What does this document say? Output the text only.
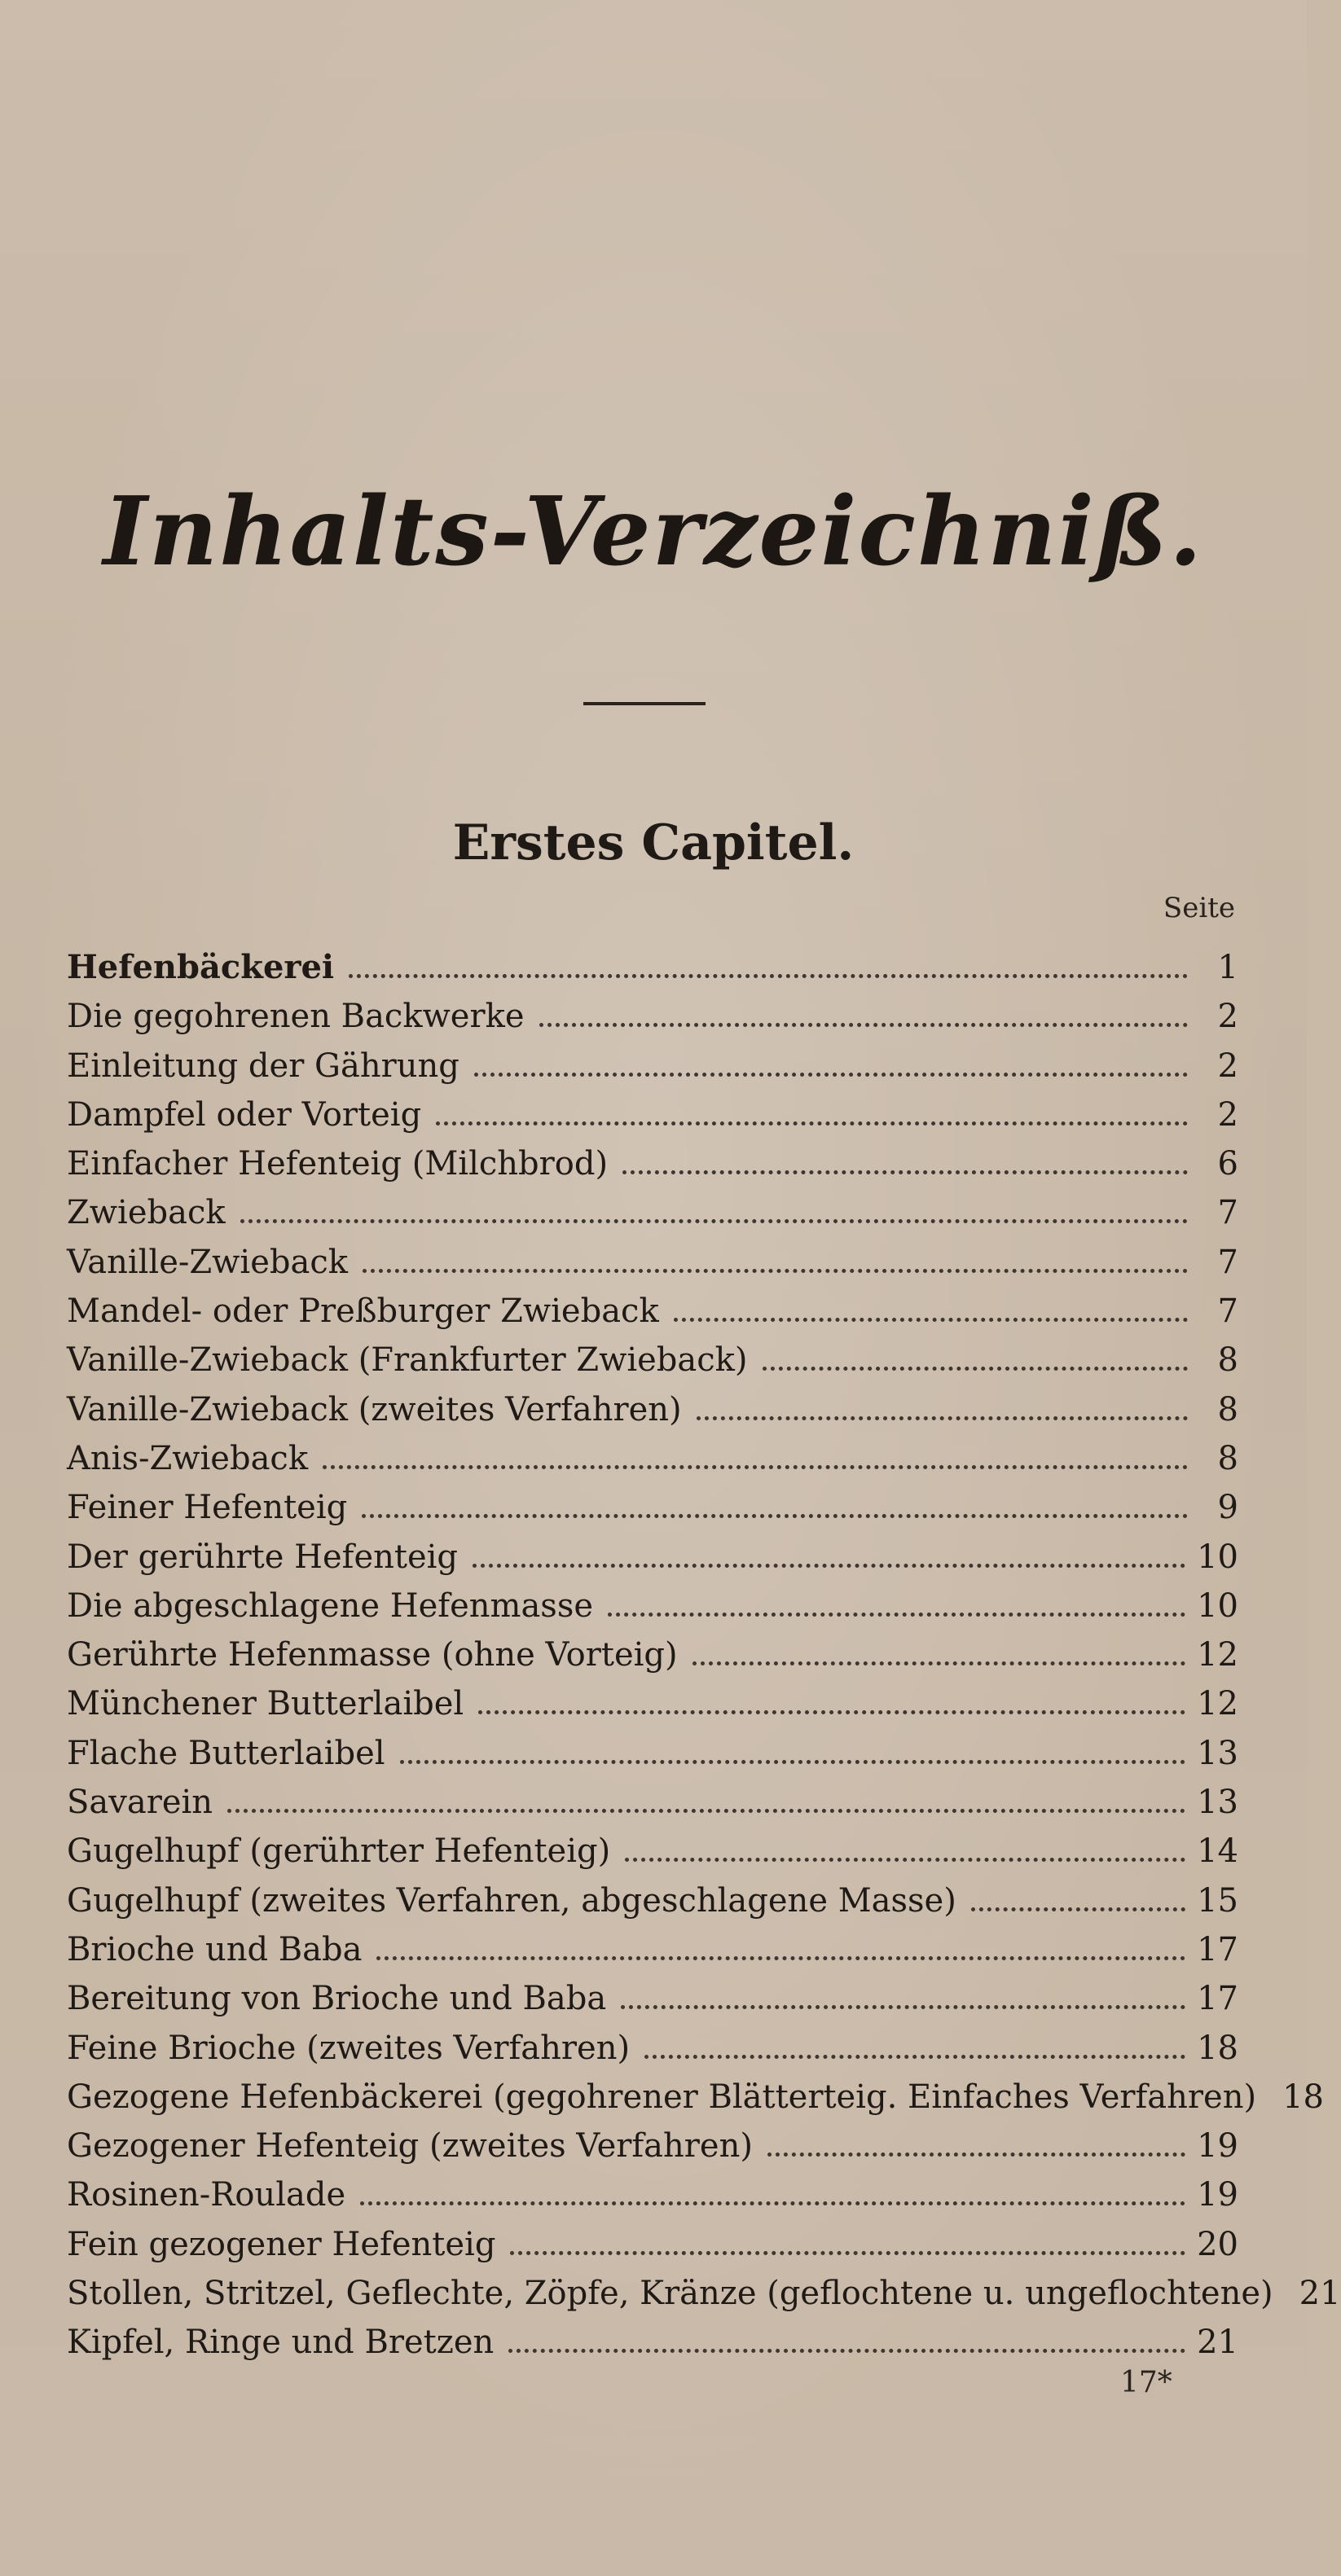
Inhalts-Verzeichniß.
Erstes Capitel.
Seite
Hefenbäckerei	1
Die gegohrenen Backwerke	2
Einleitung der Gährung	2
Dampfel oder Vorteig	2
Einfacher Hefenteig (Milchbrod)	6
Zwieback	7
Vanille-Zwieback	7
Mandel- oder Preßburger Zwieback	7
Vanille-Zwieback (Frankfurter Zwieback)	8
Vanille-Zwieback (zweites Verfahren)	8
Anis-Zwieback	8
Feiner Hefenteig	9
Der gerührte Hefenteig	10
Die abgeschlagene Hefenmasse	10
Gerührte Hefenmasse (ohne Vorteig)	12
Münchener Butterlaibel	12
Flache Butterlaibel	13
Savarein	13
Gugelhupf (gerührter Hefenteig)	14
Gugelhupf (zweites Verfahren, abgeschlagene Masse)	15
Brioche und Baba	17
Bereitung von Brioche und Baba	17
Feine Brioche (zweites Verfahren)	18
Gezogene Hefenbäckerei (gegohrener Blätterteig. Einfaches Verfahren) 18
Gezogener Hefenteig (zweites Verfahren)	19
Rosinen-Roulade	19
Fein gezogener Hefenteig	20
Stollen, Stritzel, Geflechte, Zöpfe, Kränze (geflochtene u. ungeflochtene) 21
Kipfel, Ringe und Bretzen	21
17*
